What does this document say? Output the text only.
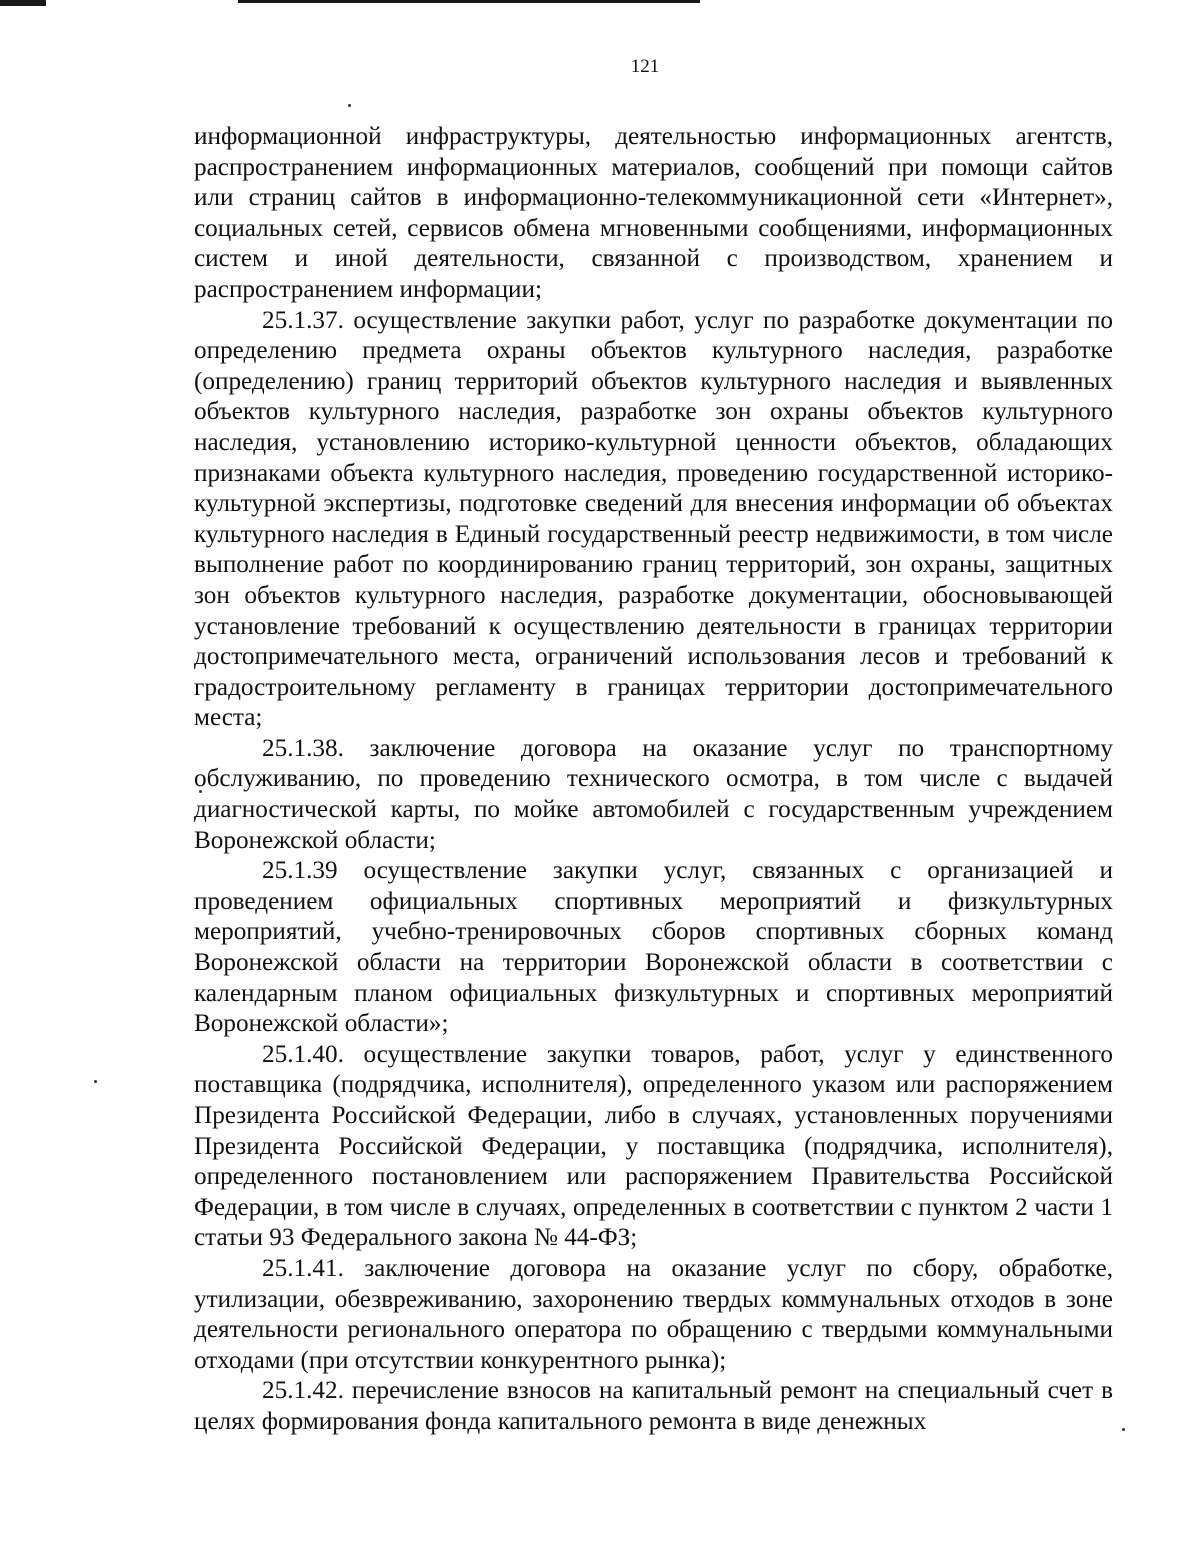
121

информационной инфраструктуры, деятельностью информационных агентств, распространением информационных материалов, сообщений при помощи сайтов или страниц сайтов в информационно-телекоммуникационной сети «Интернет», социальных сетей, сервисов обмена мгновенными сообщениями, информационных систем и иной деятельности, связанной с производством, хранением и распространением информации;

25.1.37. осуществление закупки работ, услуг по разработке документации по определению предмета охраны объектов культурного наследия, разработке (определению) границ территорий объектов культурного наследия и выявленных объектов культурного наследия, разработке зон охраны объектов культурного наследия, установлению историко-культурной ценности объектов, обладающих признаками объекта культурного наследия, проведению государственной историко-культурной экспертизы, подготовке сведений для внесения информации об объектах культурного наследия в Единый государственный реестр недвижимости, в том числе выполнение работ по координированию границ территорий, зон охраны, защитных зон объектов культурного наследия, разработке документации, обосновывающей установление требований к осуществлению деятельности в границах территории достопримечательного места, ограничений использования лесов и требований к градостроительному регламенту в границах территории достопримечательного места;

25.1.38. заключение договора на оказание услуг по транспортному обслуживанию, по проведению технического осмотра, в том числе с выдачей диагностической карты, по мойке автомобилей с государственным учреждением Воронежской области;

25.1.39 осуществление закупки услуг, связанных с организацией и проведением официальных спортивных мероприятий и физкультурных мероприятий, учебно-тренировочных сборов спортивных сборных команд Воронежской области на территории Воронежской области в соответствии с календарным планом официальных физкультурных и спортивных мероприятий Воронежской области»;

25.1.40. осуществление закупки товаров, работ, услуг у единственного поставщика (подрядчика, исполнителя), определенного указом или распоряжением Президента Российской Федерации, либо в случаях, установленных поручениями Президента Российской Федерации, у поставщика (подрядчика, исполнителя), определенного постановлением или распоряжением Правительства Российской Федерации, в том числе в случаях, определенных в соответствии с пунктом 2 части 1 статьи 93 Федерального закона № 44-ФЗ;

25.1.41. заключение договора на оказание услуг по сбору, обработке, утилизации, обезвреживанию, захоронению твердых коммунальных отходов в зоне деятельности регионального оператора по обращению с твердыми коммунальными отходами (при отсутствии конкурентного рынка);

25.1.42. перечисление взносов на капитальный ремонт на специальный счет в целях формирования фонда капитального ремонта в виде денежных
